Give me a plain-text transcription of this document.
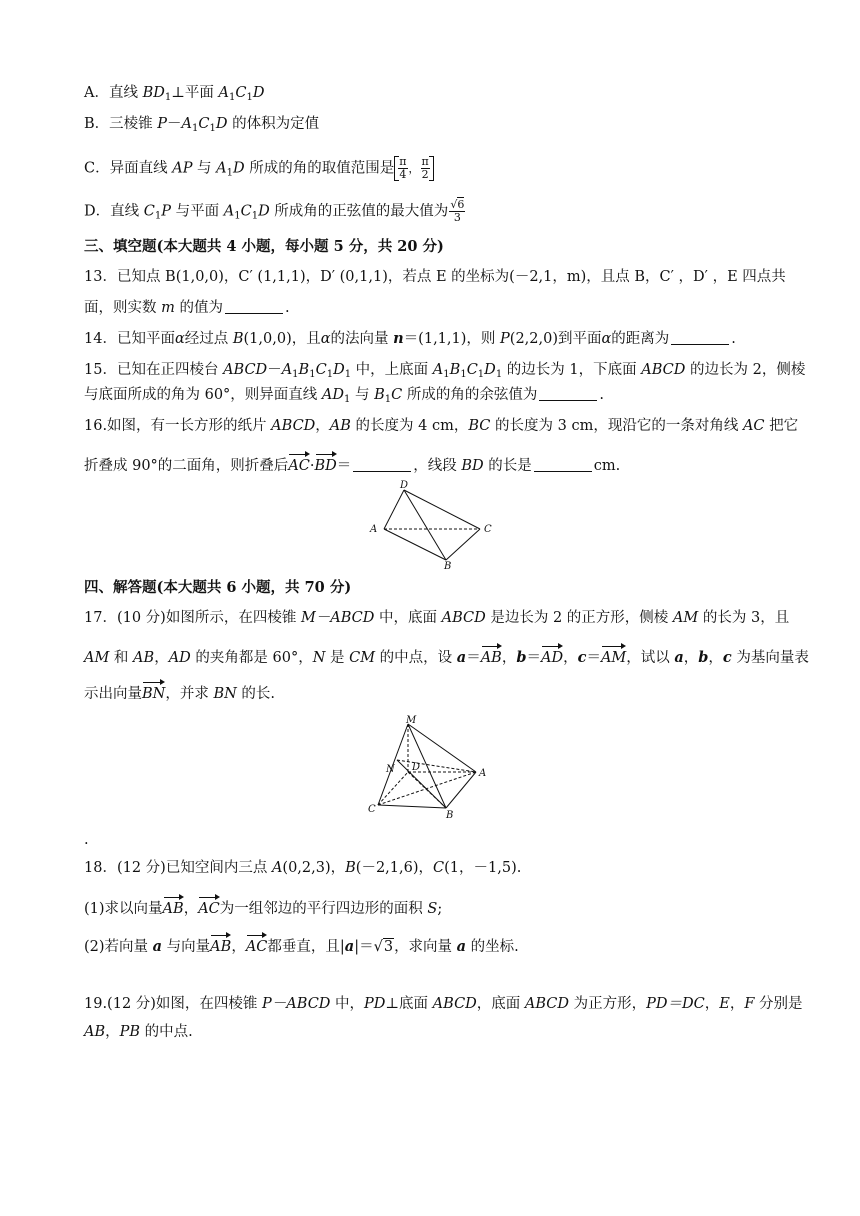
A．直线 $BD_1\perp$平面 $A_1C_1D$
B．三棱锥 $P-A_1C_1D$ 的体积为定值
C．异面直线 AP 与 $A_1D$ 所成的角的取值范围是 $\frac{\pi}{4}$ ， $\frac{\pi}{2}$
D．直线 $C_1P$ 与平面 $A_1C_1D$ 所成角的正弦值的最大值为 $\frac{√6}{3}$
三、填空题(本大题共 4 小题，每小题 5 分，共 20 分)
13．已知点 B(1,0,0)，C′ (1,1,1)，D′ (0,1,1)，若点 E 的坐标为(－2,1，m)，且点 B，C′ ，D′ ，E 四点共
面，则实数 m 的值为	.
14．已知平面α经过点 B(1,0,0)，且α的法向量 n＝(1,1,1)，则 P(2,2,0)到平面α的距离为	.
15．已知在正四棱台 $ABCD-A_1B_1C_1D_1$ 中，上底面 $A_1B_1C_1D_1$ 的边长为 1，下底面 ABCD 的边长为 2，侧棱
与底面所成的角为 60°，则异面直线 $AD_1$ 与 $B_1C$ 所成的角的余弦值为	.
16.如图，有一长方形的纸片 ABCD，AB 的长度为 4 cm，BC 的长度为 3 cm，现沿它的一条对角线 AC 把它
折叠成 90°的二面角，则折叠后AC·BD＝	，线段 BD 的长是	cm.
D
A	C
B
四、解答题(本大题共 6 小题，共 70 分)
17．(10 分)如图所示，在四棱锥 M－ABCD 中，底面 ABCD 是边长为 2 的正方形，侧棱 AM 的长为 3，且
AM 和 AB，AD 的夹角都是 60°，N 是 CM 的中点，设 a＝AB，b＝AD，c＝AM，试以 a，b，c 为基向量表
示出向量BN，并求 BN 的长.
M
N D
A
C
B
.
18．(12 分)已知空间内三点 A(0,2,3)，B(－2,1,6)，C(1，－1,5).
(1)求以向量AB，AC为一组邻边的平行四边形的面积 S;
(2)若向量 a 与向量AB，AC都垂直，且|a|＝√3，求向量 a 的坐标.
19.(12 分)如图，在四棱锥 P－ABCD 中，PD⊥底面 ABCD，底面 ABCD 为正方形，PD＝DC，E，F 分别是
AB，PB 的中点.
